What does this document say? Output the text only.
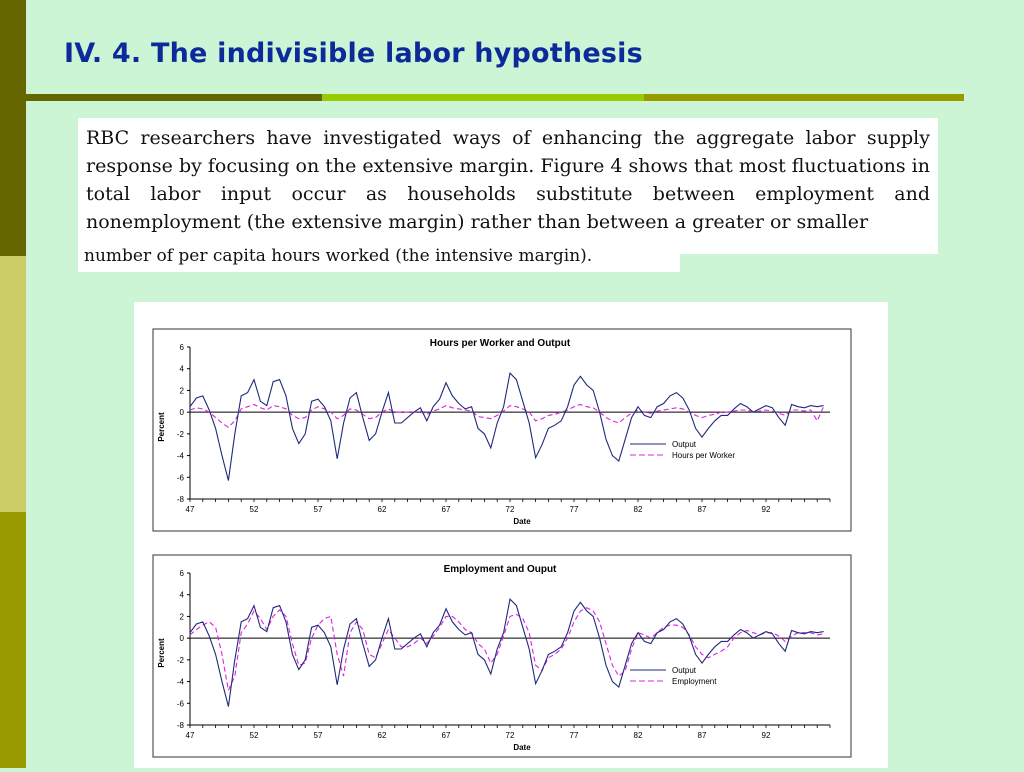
IV. 4. The indivisible labor hypothesis

RBC researchers have investigated ways of enhancing the aggregate labor supply response by focusing on the extensive margin. Figure 4 shows that most fluctuations in total labor input occur as households substitute between employment and nonemployment (the extensive margin) rather than between a greater or smaller

number of per capita hours worked (the intensive margin).

Hours per Worker and Output
6
4
2
0
-2
-4
-6
-8
47	52	57	62	67	72	77	82	87	92
Date
Percent
Output
Hours per Worker
Employment and Ouput
6
4
2
0
-2
-4
-6
-8
47	52	57	62	67	72	77	82	87	92
Date
Percent
Output
Employment
